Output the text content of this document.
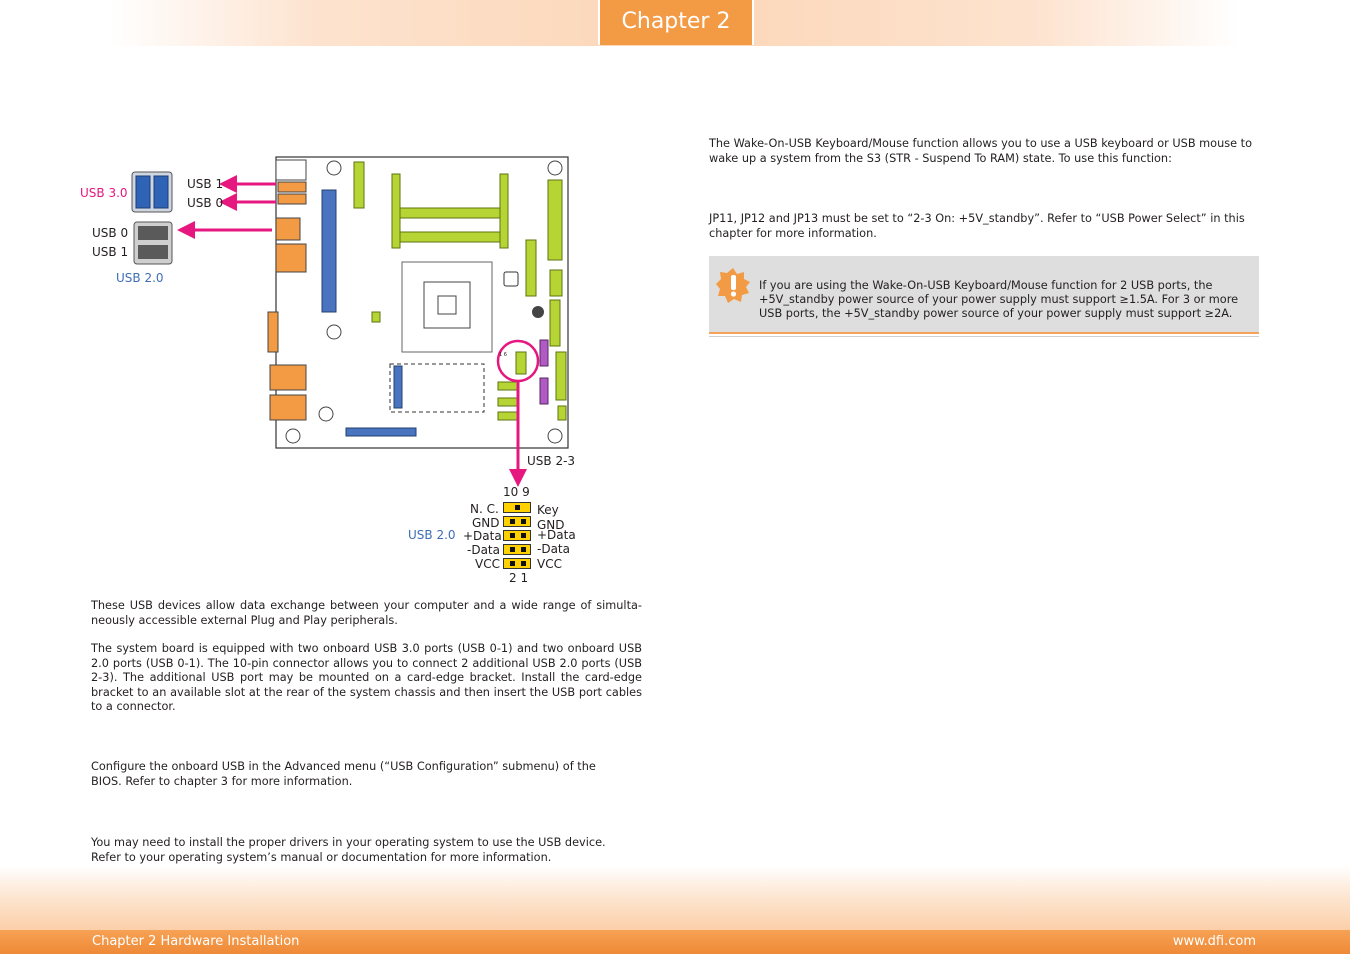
Chapter 2
USB 3.0
USB 1
USB 0
USB 0
USB 1
USB 2.0
USB 2-3
10 9
2 1
USB 2.0
1 6
N. C.
GND
+Data
-Data
VCC
Key
GND
+Data
-Data
VCC
These USB devices allow data exchange between your computer and a wide range of simulta-neously accessible external Plug and Play peripherals.
The system board is equipped with two onboard USB 3.0 ports (USB 0-1) and two onboard USB 2.0 ports (USB 0-1). The 10-pin connector allows you to connect 2 additional USB 2.0 ports (USB 2-3). The additional USB port may be mounted on a card-edge bracket. Install the card-edge bracket to an available slot at the rear of the system chassis and then insert the USB port cables to a connector.
Configure the onboard USB in the Advanced menu (“USB Configuration” submenu) of the BIOS. Refer to chapter 3 for more information.
You may need to install the proper drivers in your operating system to use the USB device. Refer to your operating system’s manual or documentation for more information.
The Wake-On-USB Keyboard/Mouse function allows you to use a USB keyboard or USB mouse to wake up a system from the S3 (STR - Suspend To RAM) state. To use this function:
JP11, JP12 and JP13 must be set to “2-3 On: +5V_standby”. Refer to “USB Power Select” in this chapter for more information.
If you are using the Wake-On-USB Keyboard/Mouse function for 2 USB ports, the +5V_standby power source of your power supply must support ≥1.5A. For 3 or more USB ports, the +5V_standby power source of your power supply must support ≥2A.
Chapter 2 Hardware Installation	www.dfi.com
